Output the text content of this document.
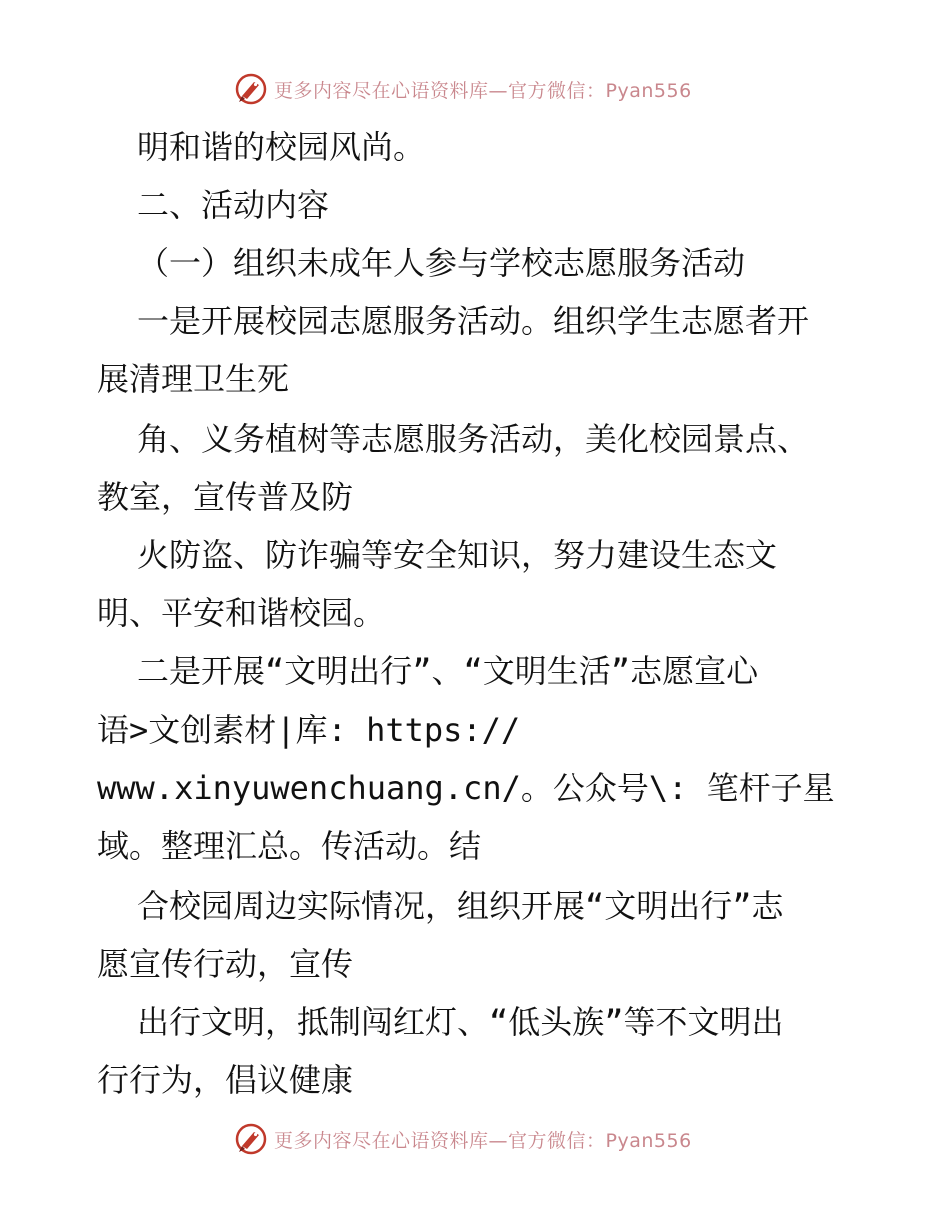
更多内容尽在心语资料库—官方微信：Pyan556
明和谐的校园风尚。
二、活动内容
（一）组织未成年人参与学校志愿服务活动
一是开展校园志愿服务活动。组织学生志愿者开
展清理卫生死
角、义务植树等志愿服务活动，美化校园景点、
教室，宣传普及防
火防盗、防诈骗等安全知识，努力建设生态文
明、平安和谐校园。
二是开展“文明出行”、“文明生活”志愿宣心
语>文创素材|库: https://
www.xinyuwenchuang.cn/。公众号\: 笔杆子星
域。整理汇总。传活动。结
合校园周边实际情况，组织开展“文明出行”志
愿宣传行动，宣传
出行文明，抵制闯红灯、“低头族”等不文明出
行行为，倡议健康
更多内容尽在心语资料库—官方微信：Pyan556
